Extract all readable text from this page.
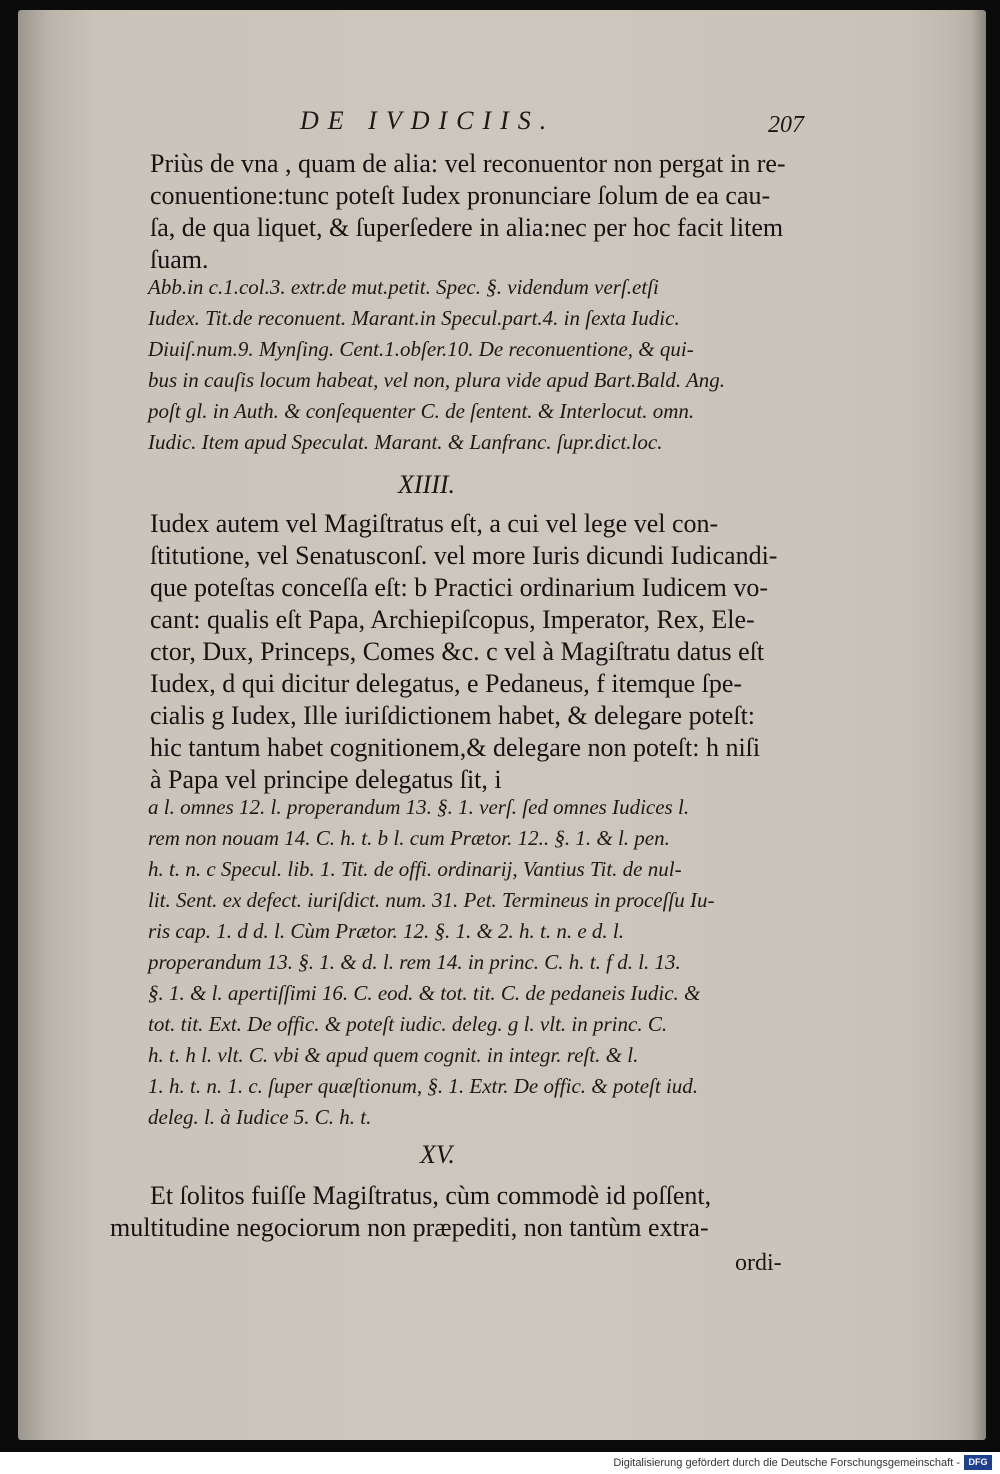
DE IVDICIIS.	207
Priùs de vna , quam de alia: vel reconuentor non pergat in re-
conuentione:tunc poteſt Iudex pronunciare ſolum de ea cau-
ſa, de qua liquet, & ſuperſedere in alia:nec per hoc facit litem
ſuam.
Abb.in c.1.col.3. extr.de mut.petit. Spec. §. videndum verſ.etſi
Iudex. Tit.de reconuent. Marant.in Specul.part.4. in ſexta Iudic.
Diuiſ.num.9. Mynſing. Cent.1.obſer.10. De reconuentione, & qui-
bus in cauſis locum habeat, vel non, plura vide apud Bart.Bald. Ang.
poſt gl. in Auth. & conſequenter C. de ſentent. & Interlocut. omn.
Iudic. Item apud Speculat. Marant. & Lanfranc. ſupr.dict.loc.
XIIII.
Iudex autem vel Magiſtratus eſt, a cui vel lege vel con-
ſtitutione, vel Senatusconſ. vel more Iuris dicundi Iudicandi-
que poteſtas conceſſa eſt: b Practici ordinarium Iudicem vo-
cant: qualis eſt Papa, Archiepiſcopus, Imperator, Rex, Ele-
ctor, Dux, Princeps, Comes &c. c vel à Magiſtratu datus eſt
Iudex, d qui dicitur delegatus, e Pedaneus, f itemque ſpe-
cialis g Iudex, Ille iuriſdictionem habet, & delegare poteſt:
hic tantum habet cognitionem,& delegare non poteſt: h niſi
à Papa vel principe delegatus ſit, i
a l. omnes 12. l. properandum 13. §. 1. verſ. ſed omnes Iudices l.
rem non nouam 14. C. h. t. b l. cum Prætor. 12.. §. 1. & l. pen.
h. t. n. c Specul. lib. 1. Tit. de offi. ordinarij, Vantius Tit. de nul-
lit. Sent. ex defect. iuriſdict. num. 31. Pet. Termineus in proceſſu Iu-
ris cap. 1. d d. l. Cùm Prætor. 12. §. 1. & 2. h. t. n. e d. l.
properandum 13. §. 1. & d. l. rem 14. in princ. C. h. t. f d. l. 13.
§. 1. & l. apertiſſimi 16. C. eod. & tot. tit. C. de pedaneis Iudic. &
tot. tit. Ext. De offic. & poteſt iudic. deleg. g l. vlt. in princ. C.
h. t. h l. vlt. C. vbi & apud quem cognit. in integr. reſt. & l.
1. h. t. n. 1. c. ſuper quæſtionum, §. 1. Extr. De offic. & poteſt iud.
deleg. l. à Iudice 5. C. h. t.
XV.
Et ſolitos fuiſſe Magiſtratus, cùm commodè id poſſent,
multitudine negociorum non præpediti, non tantùm extra-
ordi-
Digitalisierung gefördert durch die Deutsche Forschungsgemeinschaft - DFG
